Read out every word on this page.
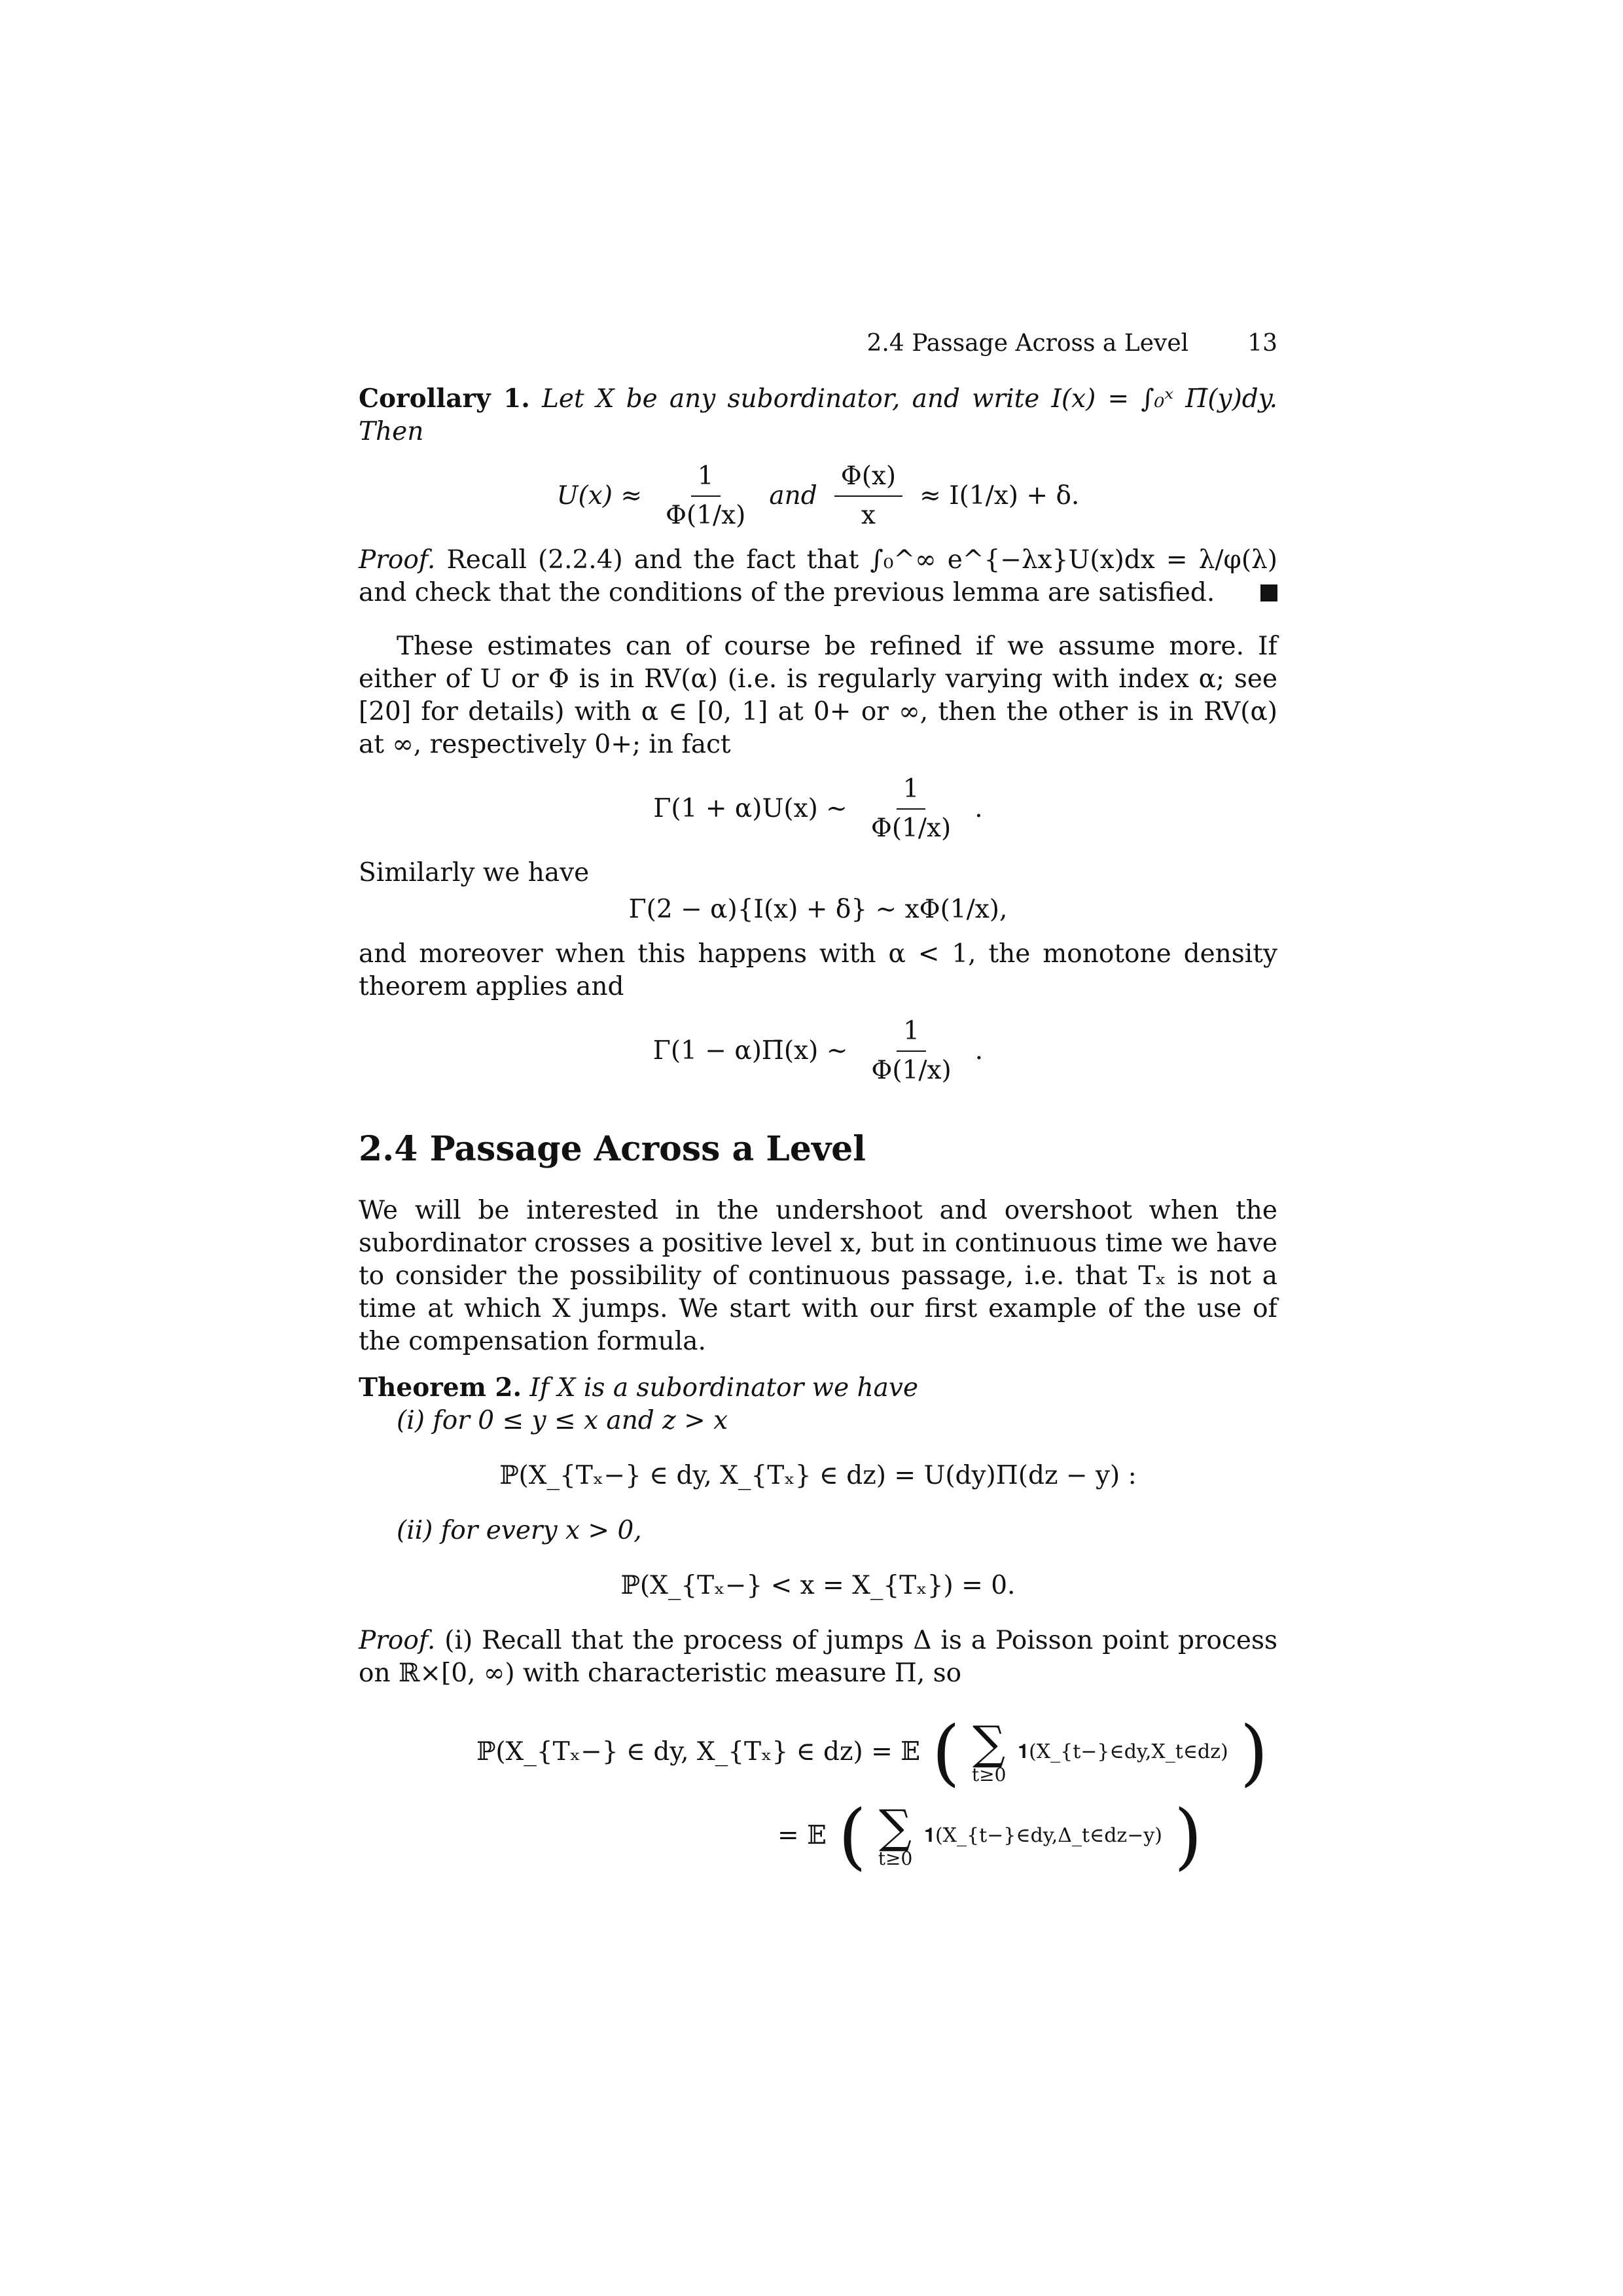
2.4 Passage Across a Level	13

Corollary 1. Let X be any subordinator, and write I(x) = ∫₀ˣ Π̄(y)dy. Then

$U(x) \approx \frac{1}{\Phi(1/x)}$ and $\frac{\Phi(x)}{x} \approx I(1/x) + \delta$.

Proof. Recall (2.2.4) and the fact that ∫₀^∞ e^{−λx}U(x)dx = λ/φ(λ) and check that the conditions of the previous lemma are satisfied.

These estimates can of course be refined if we assume more. If either of U or Φ is in RV(α) (i.e. is regularly varying with index α; see [20] for details) with α ∈ [0, 1] at 0+ or ∞, then the other is in RV(α) at ∞, respectively 0+; in fact

Γ(1 + α)U(x) ∼ $\frac{1}{\Phi(1/x)}$ .

Similarly we have

Γ(2 − α){I(x) + δ} ∼ xΦ(1/x),

and moreover when this happens with α < 1, the monotone density theorem applies and

Γ(1 − α)Π̄(x) ∼ $\frac{1}{\Phi(1/x)}$ .
2.4 Passage Across a Level

We will be interested in the undershoot and overshoot when the subordinator crosses a positive level x, but in continuous time we have to consider the possibility of continuous passage, i.e. that Tₓ is not a time at which X jumps. We start with our first example of the use of the compensation formula.

Theorem 2. If X is a subordinator we have

(i) for 0 ≤ y ≤ x and z > x

ℙ(X_{Tₓ−} ∈ dy, X_{Tₓ} ∈ dz) = U(dy)Π(dz − y) :

(ii) for every x > 0,

ℙ(X_{Tₓ−} < x = X_{Tₓ}) = 0.

Proof. (i) Recall that the process of jumps Δ is a Poisson point process on ℝ×[0, ∞) with characteristic measure Π, so

ℙ(X_{Tₓ−} ∈ dy, X_{Tₓ} ∈ dz) = 𝔼 ( ∑
t≥0
𝟏(X_{t−}∈dy,X_t∈dz) )
= 𝔼 ( ∑
t≥0
𝟏(X_{t−}∈dy,Δ_t∈dz−y) )
